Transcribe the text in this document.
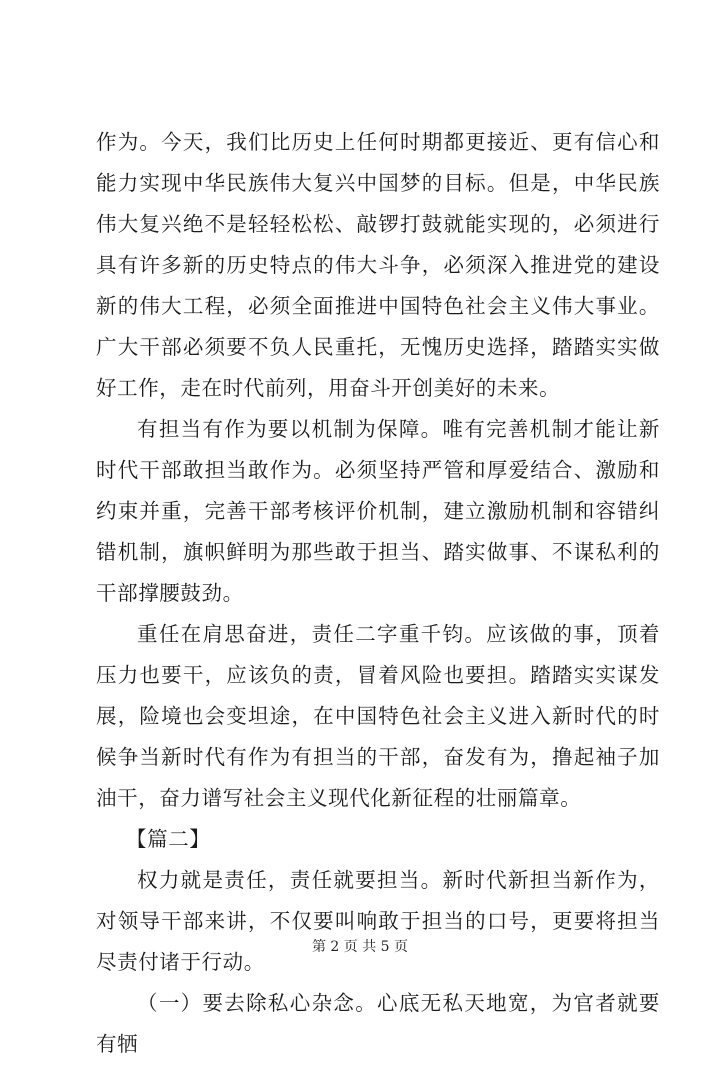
作为。今天，我们比历史上任何时期都更接近、更有信心和能力实现中华民族伟大复兴中国梦的目标。但是，中华民族伟大复兴绝不是轻轻松松、敲锣打鼓就能实现的，必须进行具有许多新的历史特点的伟大斗争，必须深入推进党的建设新的伟大工程，必须全面推进中国特色社会主义伟大事业。广大干部必须要不负人民重托，无愧历史选择，踏踏实实做好工作，走在时代前列，用奋斗开创美好的未来。

有担当有作为要以机制为保障。唯有完善机制才能让新时代干部敢担当敢作为。必须坚持严管和厚爱结合、激励和约束并重，完善干部考核评价机制，建立激励机制和容错纠错机制，旗帜鲜明为那些敢于担当、踏实做事、不谋私利的干部撑腰鼓劲。

重任在肩思奋进，责任二字重千钧。应该做的事，顶着压力也要干，应该负的责，冒着风险也要担。踏踏实实谋发展，险境也会变坦途，在中国特色社会主义进入新时代的时候争当新时代有作为有担当的干部，奋发有为，撸起袖子加油干，奋力谱写社会主义现代化新征程的壮丽篇章。

【篇二】

权力就是责任，责任就要担当。新时代新担当新作为，对领导干部来讲，不仅要叫响敢于担当的口号，更要将担当尽责付诸于行动。

（一）要去除私心杂念。心底无私天地宽，为官者就要有牺

第 2 页 共 5 页
